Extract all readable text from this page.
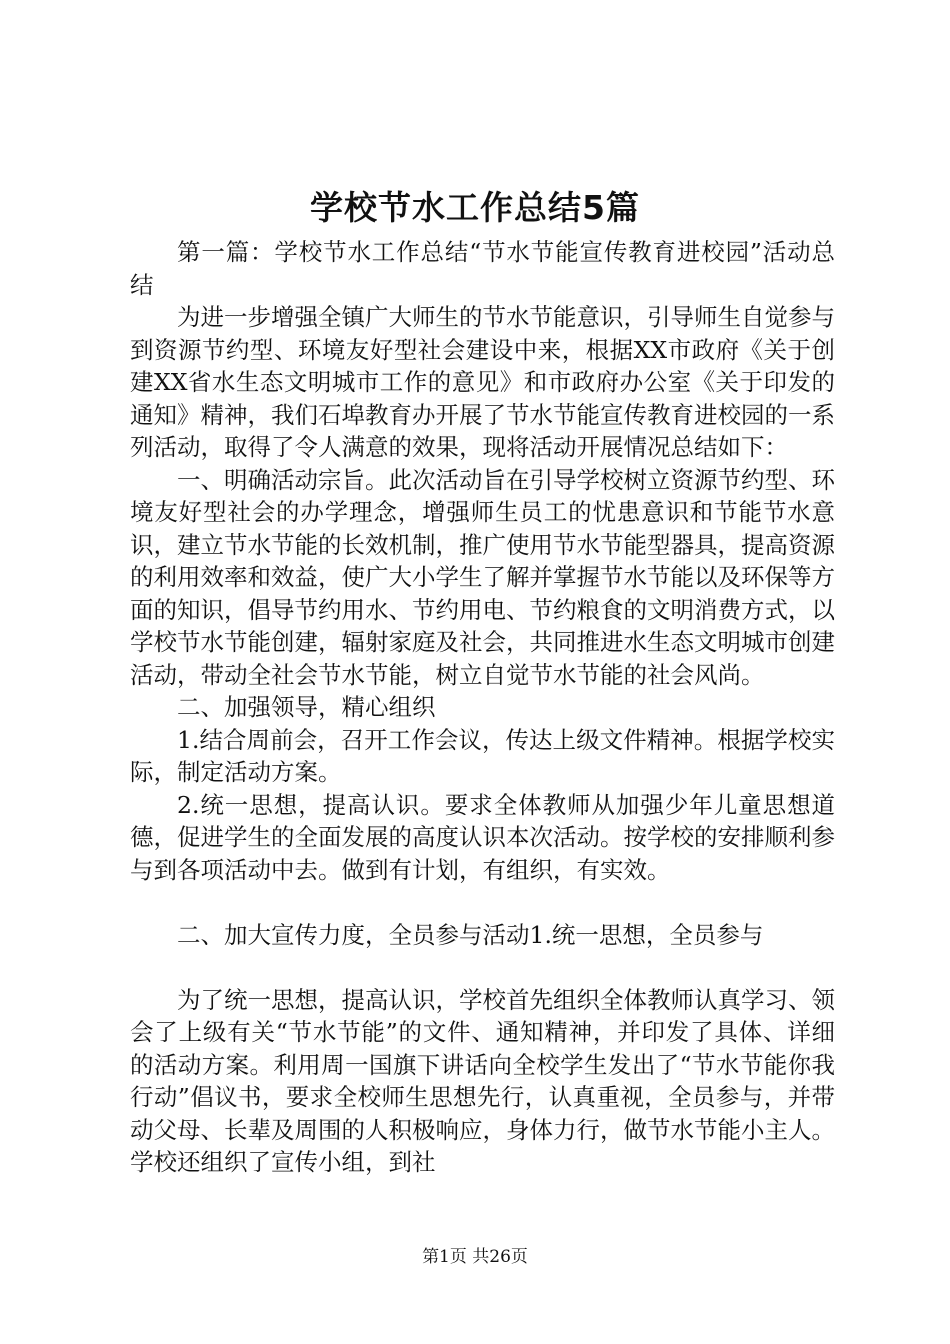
学校节水工作总结5篇

第一篇：学校节水工作总结“节水节能宣传教育进校园”活动总结

为进一步增强全镇广大师生的节水节能意识，引导师生自觉参与到资源节约型、环境友好型社会建设中来，根据XX市政府《关于创建XX省水生态文明城市工作的意见》和市政府办公室《关于印发的通知》精神，我们石埠教育办开展了节水节能宣传教育进校园的一系列活动，取得了令人满意的效果，现将活动开展情况总结如下：

一、明确活动宗旨。此次活动旨在引导学校树立资源节约型、环境友好型社会的办学理念，增强师生员工的忧患意识和节能节水意识，建立节水节能的长效机制，推广使用节水节能型器具，提高资源的利用效率和效益，使广大小学生了解并掌握节水节能以及环保等方面的知识，倡导节约用水、节约用电、节约粮食的文明消费方式，以学校节水节能创建，辐射家庭及社会，共同推进水生态文明城市创建活动，带动全社会节水节能，树立自觉节水节能的社会风尚。

二、加强领导，精心组织

1.结合周前会，召开工作会议，传达上级文件精神。根据学校实际，制定活动方案。

2.统一思想，提高认识。要求全体教师从加强少年儿童思想道德，促进学生的全面发展的高度认识本次活动。按学校的安排顺利参与到各项活动中去。做到有计划，有组织，有实效。

二、加大宣传力度，全员参与活动1.统一思想，全员参与

为了统一思想，提高认识，学校首先组织全体教师认真学习、领会了上级有关“节水节能”的文件、通知精神，并印发了具体、详细的活动方案。利用周一国旗下讲话向全校学生发出了“节水节能你我行动”倡议书，要求全校师生思想先行，认真重视，全员参与，并带动父母、长辈及周围的人积极响应，身体力行，做节水节能小主人。学校还组织了宣传小组，到社

第1页 共26页
